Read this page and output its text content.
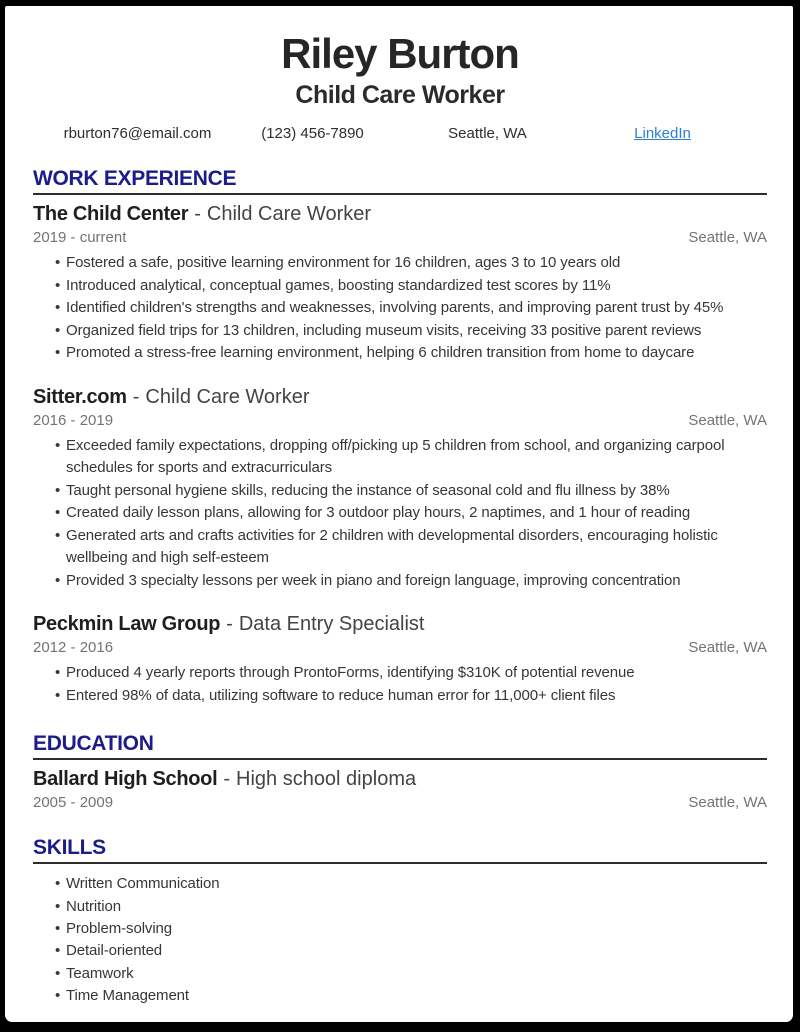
Riley Burton
Child Care Worker
rburton76@email.com	(123) 456-7890	Seattle, WA	LinkedIn
WORK EXPERIENCE
The Child Center - Child Care Worker
2019 - current	Seattle, WA
• Fostered a safe, positive learning environment for 16 children, ages 3 to 10 years old
• Introduced analytical, conceptual games, boosting standardized test scores by 11%
• Identified children's strengths and weaknesses, involving parents, and improving parent trust by 45%
• Organized field trips for 13 children, including museum visits, receiving 33 positive parent reviews
• Promoted a stress-free learning environment, helping 6 children transition from home to daycare
Sitter.com - Child Care Worker
2016 - 2019	Seattle, WA
• Exceeded family expectations, dropping off/picking up 5 children from school, and organizing carpool schedules for sports and extracurriculars
• Taught personal hygiene skills, reducing the instance of seasonal cold and flu illness by 38%
• Created daily lesson plans, allowing for 3 outdoor play hours, 2 naptimes, and 1 hour of reading
• Generated arts and crafts activities for 2 children with developmental disorders, encouraging holistic wellbeing and high self-esteem
• Provided 3 specialty lessons per week in piano and foreign language, improving concentration
Peckmin Law Group - Data Entry Specialist
2012 - 2016	Seattle, WA
• Produced 4 yearly reports through ProntoForms, identifying $310K of potential revenue
• Entered 98% of data, utilizing software to reduce human error for 11,000+ client files
EDUCATION
Ballard High School - High school diploma
2005 - 2009	Seattle, WA
SKILLS
• Written Communication
• Nutrition
• Problem-solving
• Detail-oriented
• Teamwork
• Time Management
